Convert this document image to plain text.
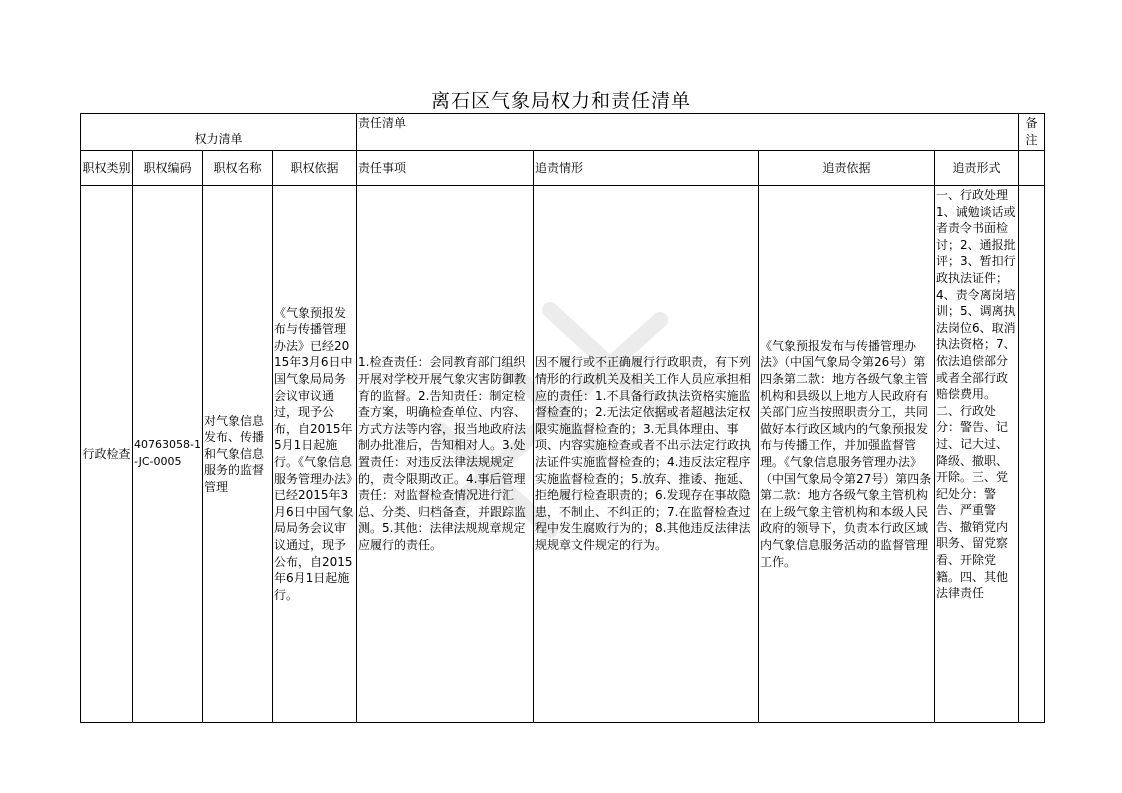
离石区气象局权力和责任清单
权力清单				责任清单				备注
职权类别	职权编码	职权名称	职权依据	责任事项	追责情形	追责依据	追责形式	
行政检查	40763058-1-JC-0005	对气象信息发布、传播和气象信息服务的监督管理	《气象预报发布与传播管理办法》已经2015年3月6日中国气象局局务会议审议通过，现予公布，自2015年5月1日起施行。《气象信息服务管理办法》已经2015年3月6日中国气象局局务会议审议通过，现予公布，自2015年6月1日起施行。	1.检查责任：会同教育部门组织开展对学校开展气象灾害防御教育的监督。2.告知责任：制定检查方案，明确检查单位、内容、方式方法等内容，报当地政府法制办批准后，告知相对人。3.处置责任：对违反法律法规规定的，责令限期改正。4.事后管理责任：对监督检查情况进行汇总、分类、归档备查，并跟踪监测。5.其他：法律法规规章规定应履行的责任。	因不履行或不正确履行行政职责，有下列情形的行政机关及相关工作人员应承担相应的责任：1.不具备行政执法资格实施监督检查的；2.无法定依据或者超越法定权限实施监督检查的；3.无具体理由、事项、内容实施检查或者不出示法定行政执法证件实施监督检查的；4.违反法定程序实施监督检查的；5.放弃、推诿、拖延、拒绝履行检查职责的；6.发现存在事故隐患，不制止、不纠正的；7.在监督检查过程中发生腐败行为的；8.其他违反法律法规规章文件规定的行为。	《气象预报发布与传播管理办法》（中国气象局令第26号）第四条第二款：地方各级气象主管机构和县级以上地方人民政府有关部门应当按照职责分工，共同做好本行政区域内的气象预报发布与传播工作，并加强监督管理。《气象信息服务管理办法》（中国气象局令第27号）第四条第二款：地方各级气象主管机构在上级气象主管机构和本级人民政府的领导下，负责本行政区域内气象信息服务活动的监督管理工作。	一、行政处理1、诫勉谈话或者责令书面检讨；2、通报批评；3、暂扣行政执法证件；4、责令离岗培训；5、调离执法岗位6、取消执法资格；7、依法追偿部分或者全部行政赔偿费用。二、行政处分：警告、记过、记大过、降级、撤职、开除。三、党纪处分：警告、严重警告、撤销党内职务、留党察看、开除党籍。四、其他法律责任	
